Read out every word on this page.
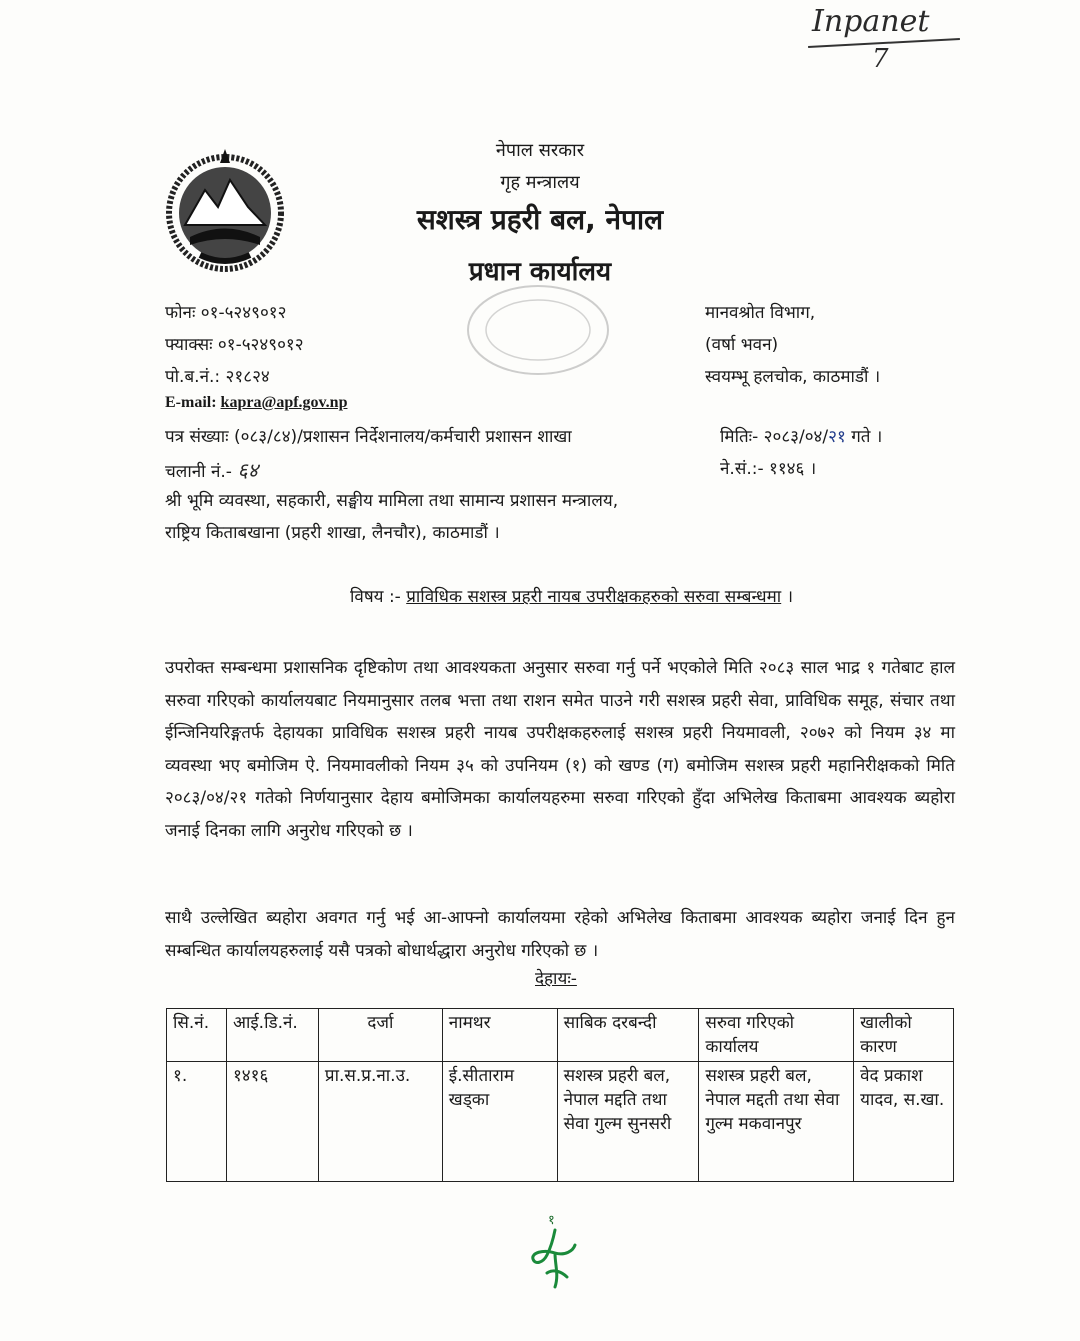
Inpanet
7
नेपाल सरकार
गृह मन्त्रालय
सशस्त्र प्रहरी बल, नेपाल
प्रधान कार्यालय
फोनः ०१-५२४९०१२
फ्याक्सः ०१-५२४९०१२
पो.ब.नं.: २१८२४
E-mail: kapra@apf.gov.np
मानवश्रोत विभाग,
(वर्षा भवन)
स्वयम्भू हलचोक, काठमाडौं ।
पत्र संख्याः (०८३/८४)/प्रशासन निर्देशनालय/कर्मचारी प्रशासन शाखा	मितिः- २०८३/०४/२१ गते ।
चलानी नं.- ६४	ने.सं.:- ११४६ ।
श्री भूमि व्यवस्था, सहकारी, सङ्घीय मामिला तथा सामान्य प्रशासन मन्त्रालय,
राष्ट्रिय किताबखाना (प्रहरी शाखा, लैनचौर), काठमाडौं ।
विषय :- प्राविधिक सशस्त्र प्रहरी नायब उपरीक्षकहरुको सरुवा सम्बन्धमा ।
उपरोक्त सम्बन्धमा प्रशासनिक दृष्टिकोण तथा आवश्यकता अनुसार सरुवा गर्नु पर्ने भएकोले मिति २०८३ साल भाद्र १ गतेबाट हाल सरुवा गरिएको कार्यालयबाट नियमानुसार तलब भत्ता तथा राशन समेत पाउने गरी सशस्त्र प्रहरी सेवा, प्राविधिक समूह, संचार तथा ईन्जिनियरिङ्गतर्फ देहायका प्राविधिक सशस्त्र प्रहरी नायब उपरीक्षकहरुलाई सशस्त्र प्रहरी नियमावली, २०७२ को नियम ३४ मा व्यवस्था भए बमोजिम ऐ. नियमावलीको नियम ३५ को उपनियम (१) को खण्ड (ग) बमोजिम सशस्त्र प्रहरी महानिरीक्षकको मिति २०८३/०४/२१ गतेको निर्णयानुसार देहाय बमोजिमका कार्यालयहरुमा सरुवा गरिएको हुँदा अभिलेख किताबमा आवश्यक ब्यहोरा जनाई दिनका लागि अनुरोध गरिएको छ ।
साथै उल्लेखित ब्यहोरा अवगत गर्नु भई आ-आफ्नो कार्यालयमा रहेको अभिलेख किताबमा आवश्यक ब्यहोरा जनाई दिन हुन सम्बन्धित कार्यालयहरुलाई यसै पत्रको बोधार्थद्धारा अनुरोध गरिएको छ ।
देहायः-
सि.नं.	आई.डि.नं.	दर्जा	नामथर	साबिक दरबन्दी	सरुवा गरिएको कार्यालय	खालीको कारण
१.	१४१६	प्रा.स.प्र.ना.उ.	ई.सीताराम खड्का	सशस्त्र प्रहरी बल, नेपाल मद्दति तथा सेवा गुल्म सुनसरी	सशस्त्र प्रहरी बल, नेपाल मद्दती तथा सेवा गुल्म मकवानपुर	वेद प्रकाश यादव, स.खा.
१
